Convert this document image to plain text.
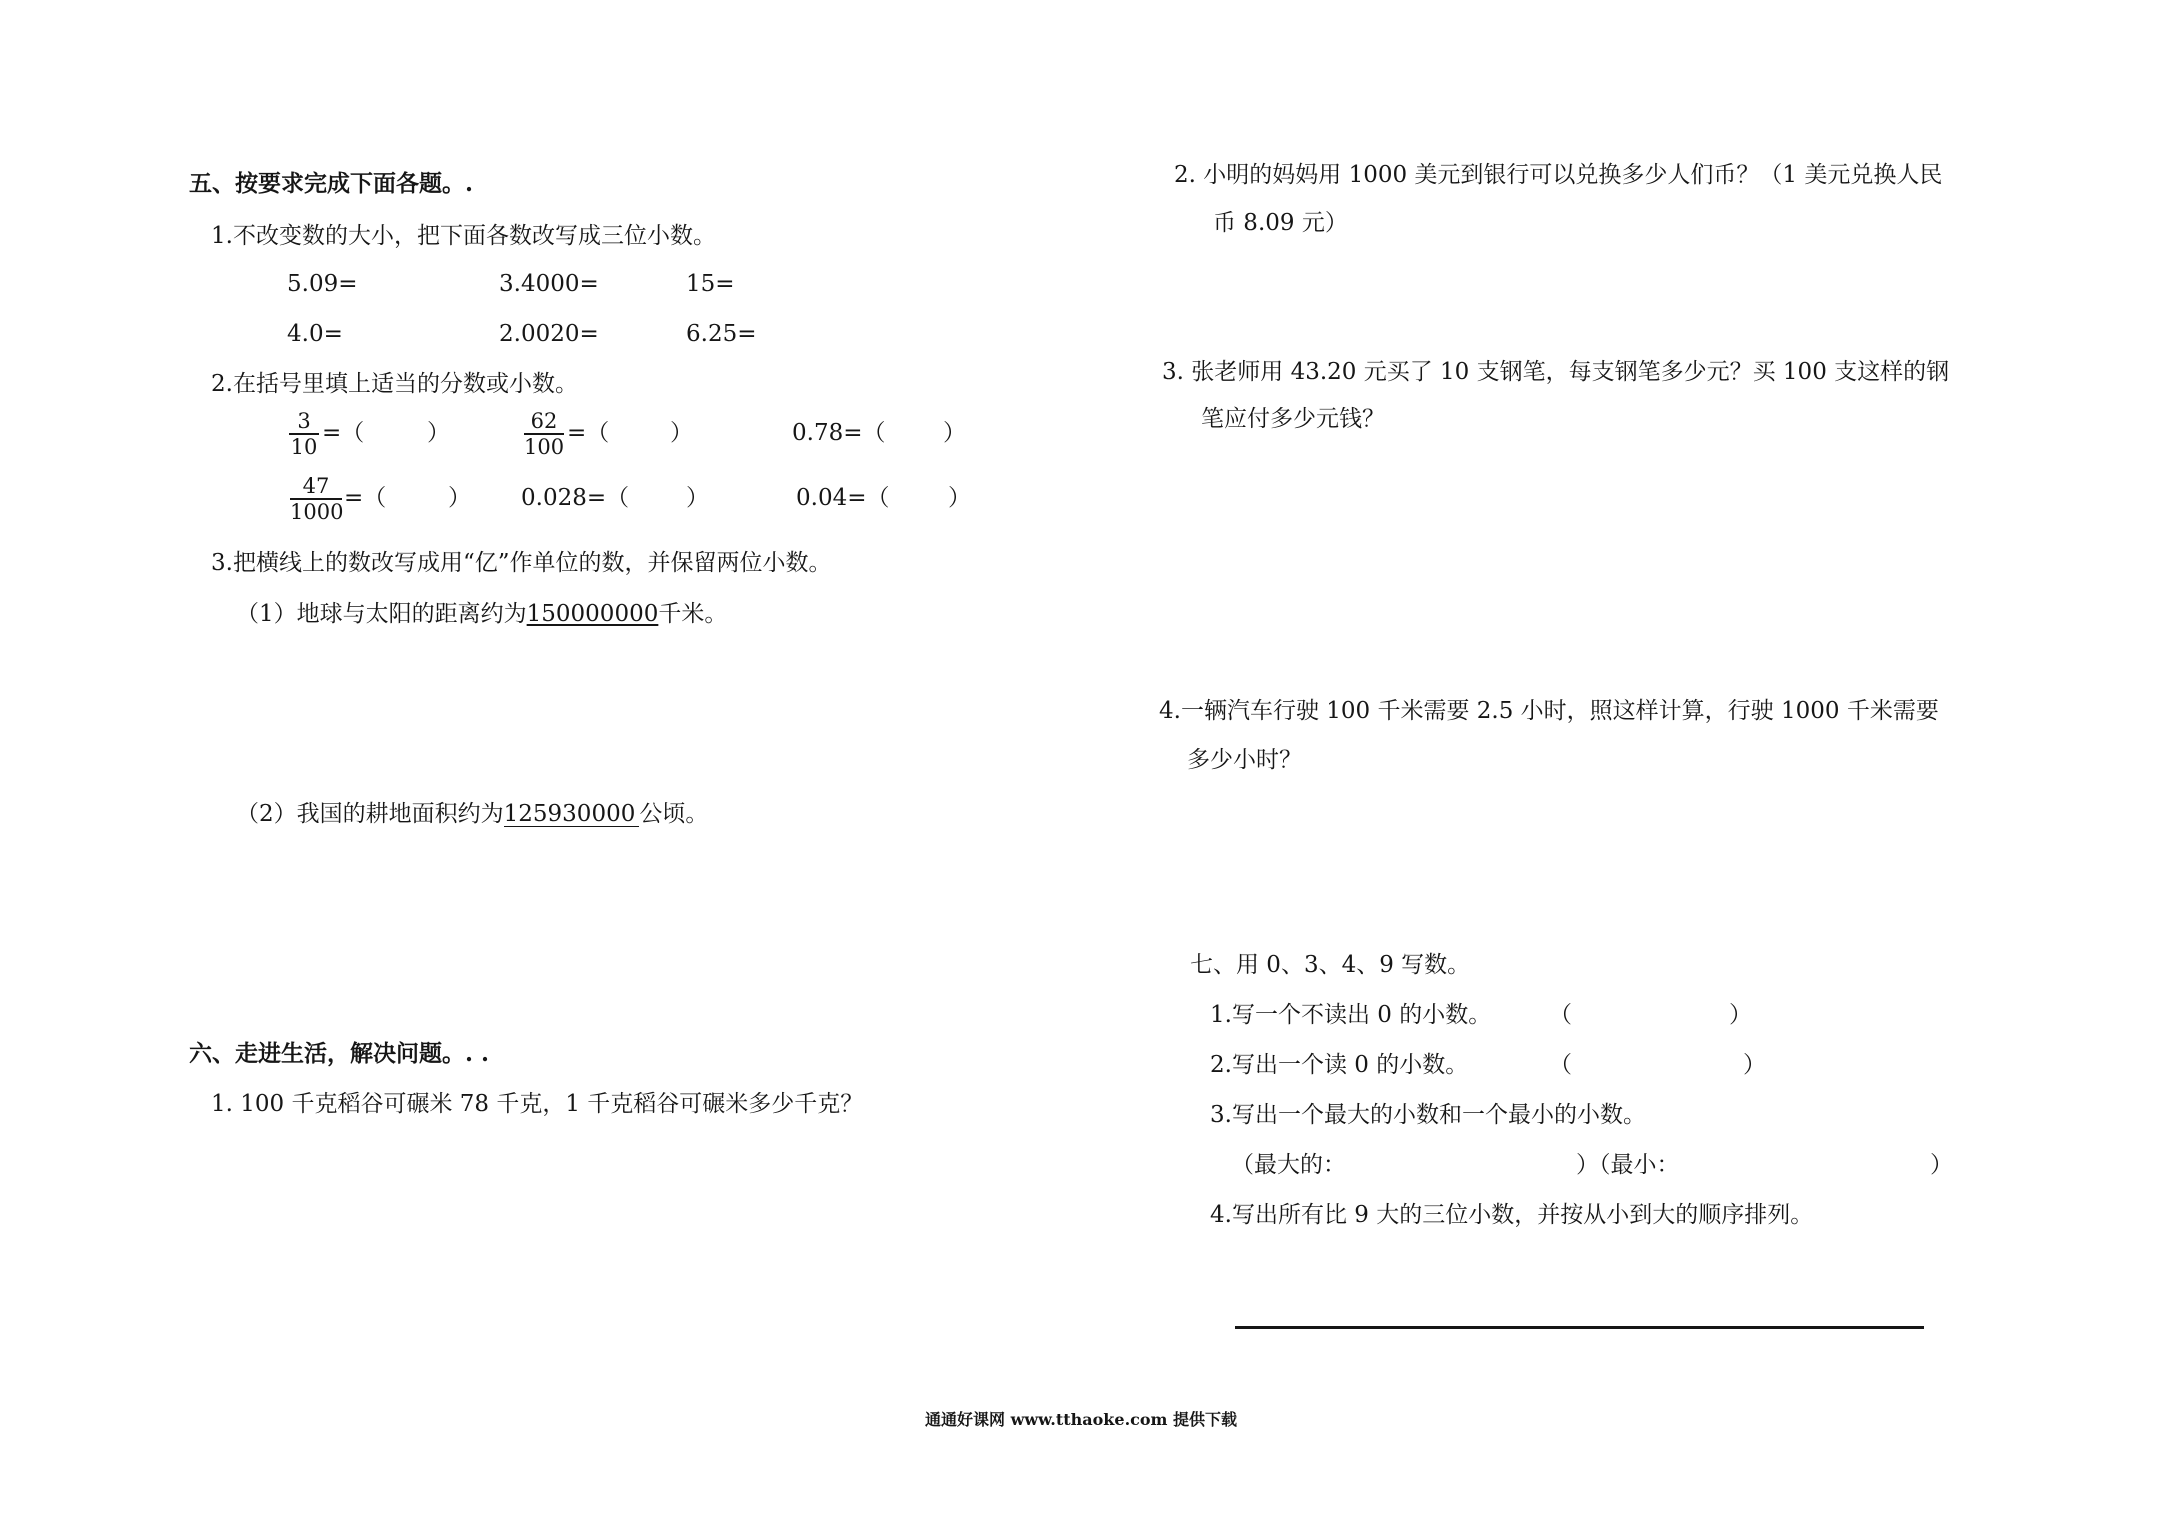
五、按要求完成下面各题。.
1.不改变数的大小，把下面各数改写成三位小数。
5.09=	3.4000=	15=
4.0=	2.0020=	6.25=
2.在括号里填上适当的分数或小数。
$\frac{3}{10}$ =（	）	$\frac{62}{100}$ =（	）	0.78=（	）
$\frac{47}{1000}$ =（	） 0.028=（ ）	0.04=（	）
3.把横线上的数改写成用“亿”作单位的数，并保留两位小数。
（1）地球与太阳的距离约为150000000千米。
（2）我国的耕地面积约为125930000 公顷。
六、走进生活，解决问题。. .
1. 100 千克稻谷可碾米 78 千克，1 千克稻谷可碾米多少千克？
2. 小明的妈妈用 1000 美元到银行可以兑换多少人们币？（1 美元兑换人民
币 8.09 元）
3. 张老师用 43.20 元买了 10 支钢笔，每支钢笔多少元？买 100 支这样的钢
笔应付多少元钱？
4.一辆汽车行驶 100 千米需要 2.5 小时，照这样计算，行驶 1000 千米需要
多少小时？
七、用 0、3、4、9 写数。
1.写一个不读出 0 的小数。	（	）
2.写出一个读 0 的小数。	（	）
3.写出一个最大的小数和一个最小的小数。
（最大的：	）（最小：	）
4.写出所有比 9 大的三位小数，并按从小到大的顺序排列。
通通好课网 www.tthaoke.com 提供下载
